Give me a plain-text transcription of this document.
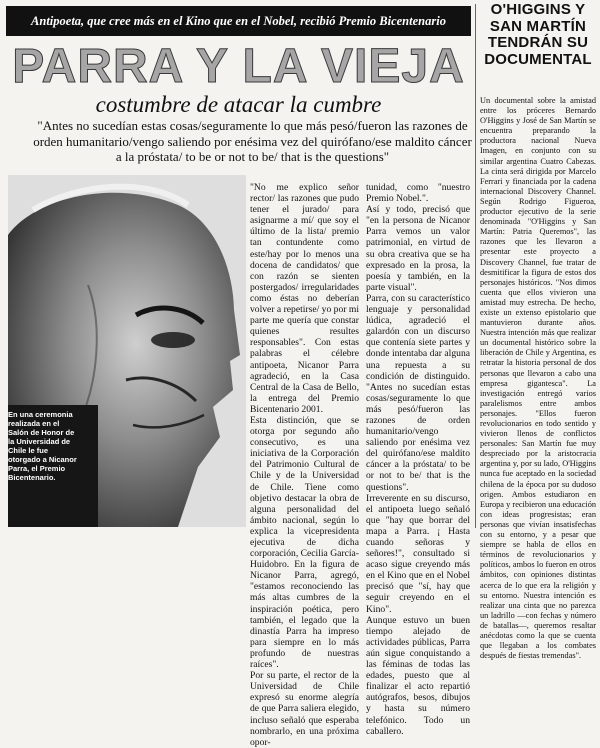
Antipoeta, que cree más en el Kino que en el Nobel, recibió Premio Bicentenario
PARRA Y LA VIEJA
costumbre de atacar la cumbre
"Antes no sucedían estas cosas/seguramente lo que más pesó/fueron las razones de orden humanitario/vengo saliendo por enésima vez del quirófano/ese maldito cáncer a la próstata/ to be or not to be/ that is the questions"
En una ceremonia realizada en el Salón de Honor de la Universidad de Chile le fue otorgado a Nicanor Parra, el Premio Bicentenario.

"No me explico señor rector/ las razones que pudo tener el jurado/ para asignarme a mí/ que soy el último de la lista/ premio tan contundente como este/hay por lo menos una docena de candidatos/ que con razón se sienten postergados/ irregularidades como éstas no deberían volver a repetirse/ yo por mi parte me quería que constar quienes resultes responsables". Con estas palabras el célebre antipoeta, Nicanor Parra agradeció, en la Casa Central de la Casa de Bello, la entrega del Premio Bicentenario 2001.

Esta distinción, que se otorga por segundo año consecutivo, es una iniciativa de la Corporación del Patrimonio Cultural de Chile y de la Universidad de Chile. Tiene como objetivo destacar la obra de alguna personalidad del ámbito nacional, según lo explica la vicepresidenta ejecutiva de dicha corporación, Cecilia García-Huidobro. En la figura de Nicanor Parra, agregó, "estamos reconociendo las más altas cumbres de la inspiración poética, pero también, el legado que la dinastía Parra ha impreso para siempre en lo más profundo de nuestras raíces".

Por su parte, el rector de la Universidad de Chile expresó su enorme alegría de que Parra saliera elegido, incluso señaló que esperaba nombrarlo, en una próxima opor-

tunidad, como "nuestro Premio Nobel.".

Así y todo, precisó que "en la persona de Nicanor Parra vemos un valor patrimonial, en virtud de su obra creativa que se ha expresado en la prosa, la poesía y también, en la parte visual".

Parra, con su característico lenguaje y personalidad lúdica, agradeció el galardón con un discurso que contenía siete partes y donde intentaba dar alguna una repuesta a su condición de distinguido. "Antes no sucedían estas cosas/seguramente lo que más pesó/fueron las razones de orden humanitario/vengo saliendo por enésima vez del quirófano/ese maldito cáncer a la próstata/ to be or not to be/ that is the questions".

Irreverente en su discurso, el antipoeta luego señaló que "hay que borrar del mapa a Parra. ¡ Hasta cuando señoras y señores!", consultado si acaso sigue creyendo más en el Kino que en el Nobel precisó que "sí, hay que seguir creyendo en el Kino".

Aunque estuvo un buen tiempo alejado de actividades públicas, Parra aún sigue conquistando a las féminas de todas las edades, puesto que al finalizar el acto repartió autógrafos, besos, dibujos y hasta su número telefónico. Todo un caballero.

O'HIGGINS Y SAN MARTÍN TENDRÁN SU DOCUMENTAL
Un documental sobre la amistad entre los próceres Bernardo O'Higgins y José de San Martín se encuentra preparando la productora nacional Nueva Imagen, en conjunto con su similar argentina Cuatro Cabezas. La cinta será dirigida por Marcelo Ferrari y financiada por la cadena internacional Discovery Channel. Según Rodrigo Figueroa, productor ejecutivo de la serie denominada "O'Higgins y San Martín: Patria Queremos", las razones que les llevaron a presentar este proyecto a Discovery Channel, fue tratar de desmitificar la figura de estos dos personajes históricos. "Nos dimos cuenta que ellos vivieron una amistad muy estrecha. De hecho, existe un extenso epistolario que mantuvieron durante años. Nuestra intención más que realizar un documental histórico sobre la liberación de Chile y Argentina, es retratar la historia personal de dos personas que llevaron a cabo una empresa gigantesca". La investigación entregó varios paralelismos entre ambos personajes. "Ellos fueron revolucionarios en todo sentido y vivieron llenos de conflictos personales: San Martín fue muy despreciado por la aristocracia argentina y, por su lado, O'Higgins nunca fue aceptado en la sociedad chilena de la época por su dudoso origen. Ambos estudiaron en Europa y recibieron una educación con ideas progresistas; eran personas que vivían insatisfechas con su entorno, y a pesar que siempre se habla de ellos en términos de revolucionarios y políticos, ambos lo fueron en otros ámbitos, con opiniones distintas acerca de lo que era la religión y su entorno. Nuestra intención es realizar una cinta que no parezca un ladrillo —con fechas y número de batallas—, queremos resaltar anécdotas como la que se cuenta que llegaban a los combates después de fiestas tremendas".
